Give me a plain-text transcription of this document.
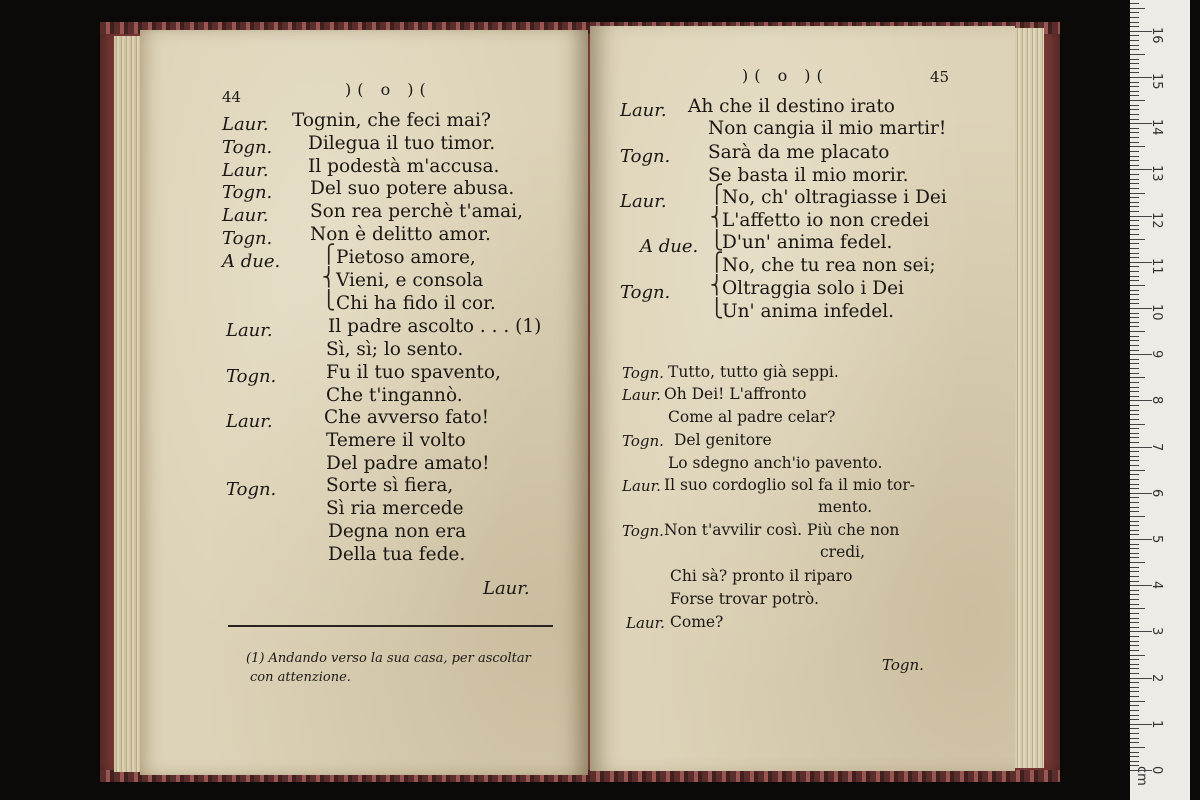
44	)( o )(
Laur. Tognin, che feci mai?
Togn. Dilegua il tuo timor.
Laur. Il podestà m'accusa.
Togn. Del suo potere abusa.
Laur. Son rea perchè t'amai,
Togn. Non è delitto amor.
A due. ⎧
⎨
⎩
Pietoso amore,
Vieni, e consola
Chi ha fido il cor.
Laur.	Il padre ascolto . . . (1)
Sì, sì; lo sento.
Togn.	Fu il tuo spavento,
Che t'ingannò.
Laur.	Che avverso fato!
Temere il volto
Del padre amato!
Togn.	Sorte sì fiera,
Sì ria mercede
Degna non era
Della tua fede.
Laur.
(1) Andando verso la sua casa, per ascoltar
con attenzione.
)( o )(	45
Laur. Ah che il destino irato
Non cangia il mio martir!
Togn. Sarà da me placato
Se basta il mio morir.
Laur. ⎧
⎨
⎩
No, ch' oltragiasse i Dei
L'affetto io non credei
A due. D'un' anima fedel.
⎧
⎨
⎩
No, che tu rea non sei;
Togn.	Oltraggia solo i Dei
Un' anima infedel.
Togn. Tutto, tutto già seppi.
Laur. Oh Dei! L'affronto
Come al padre celar?
Togn. Del genitore
Lo sdegno anch'io pavento.
Laur. Il suo cordoglio sol fa il mio tor-
mento.
Togn. Non t'avvilir così. Più che non
credi,
Chi sà? pronto il riparo
Forse trovar potrò.
Laur. Come?
Togn.
0 cm
1
2
3
4
5
6
7
8
9
10
11
12
13
14
15
16
